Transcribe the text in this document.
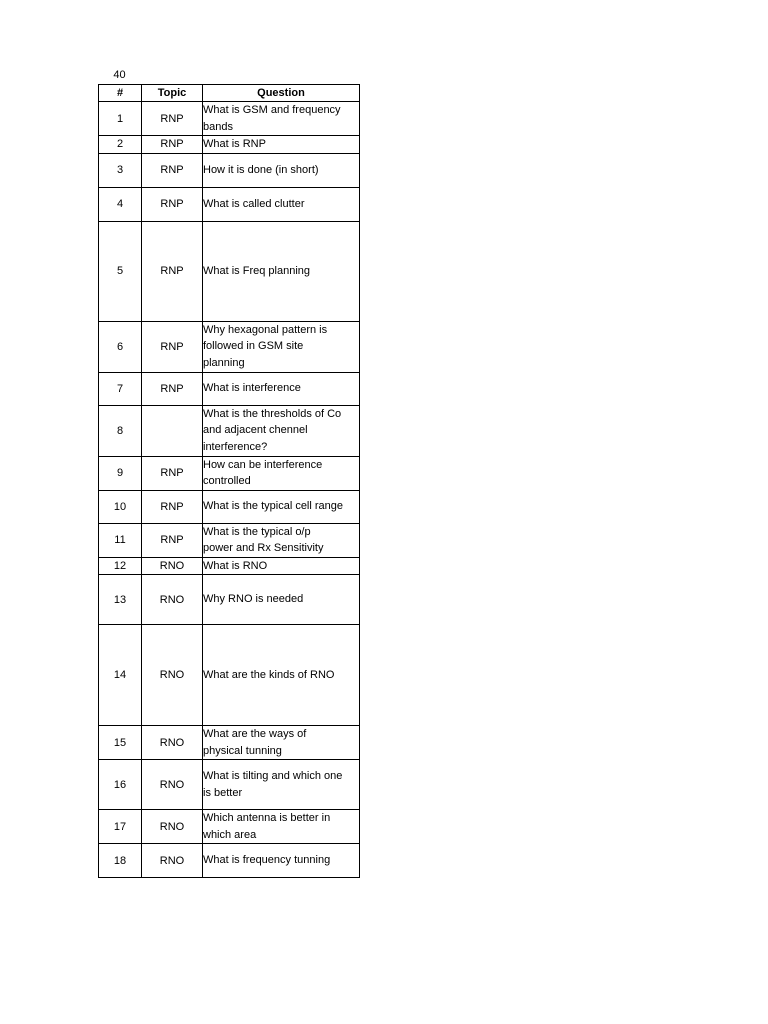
40
#	Topic	Question
1	RNP	What is GSM and frequency
bands
2	RNP	What is RNP
3	RNP	How it is done (in short)
4	RNP	What is called clutter
5	RNP	What is Freq planning
6	RNP	Why hexagonal pattern is
followed in GSM site
planning
7	RNP	What is interference
8		What is the thresholds of Co
and adjacent chennel
interference?
9	RNP	How can be interference
controlled
10	RNP	What is the typical cell range
11	RNP	What is the typical o/p
power and Rx Sensitivity
12	RNO	What is RNO
13	RNO	Why RNO is needed
14	RNO	What are the kinds of RNO
15	RNO	What are the ways of
physical tunning
16	RNO	What is tilting and which one
is better
17	RNO	Which antenna is better in
which area
18	RNO	What is frequency tunning
